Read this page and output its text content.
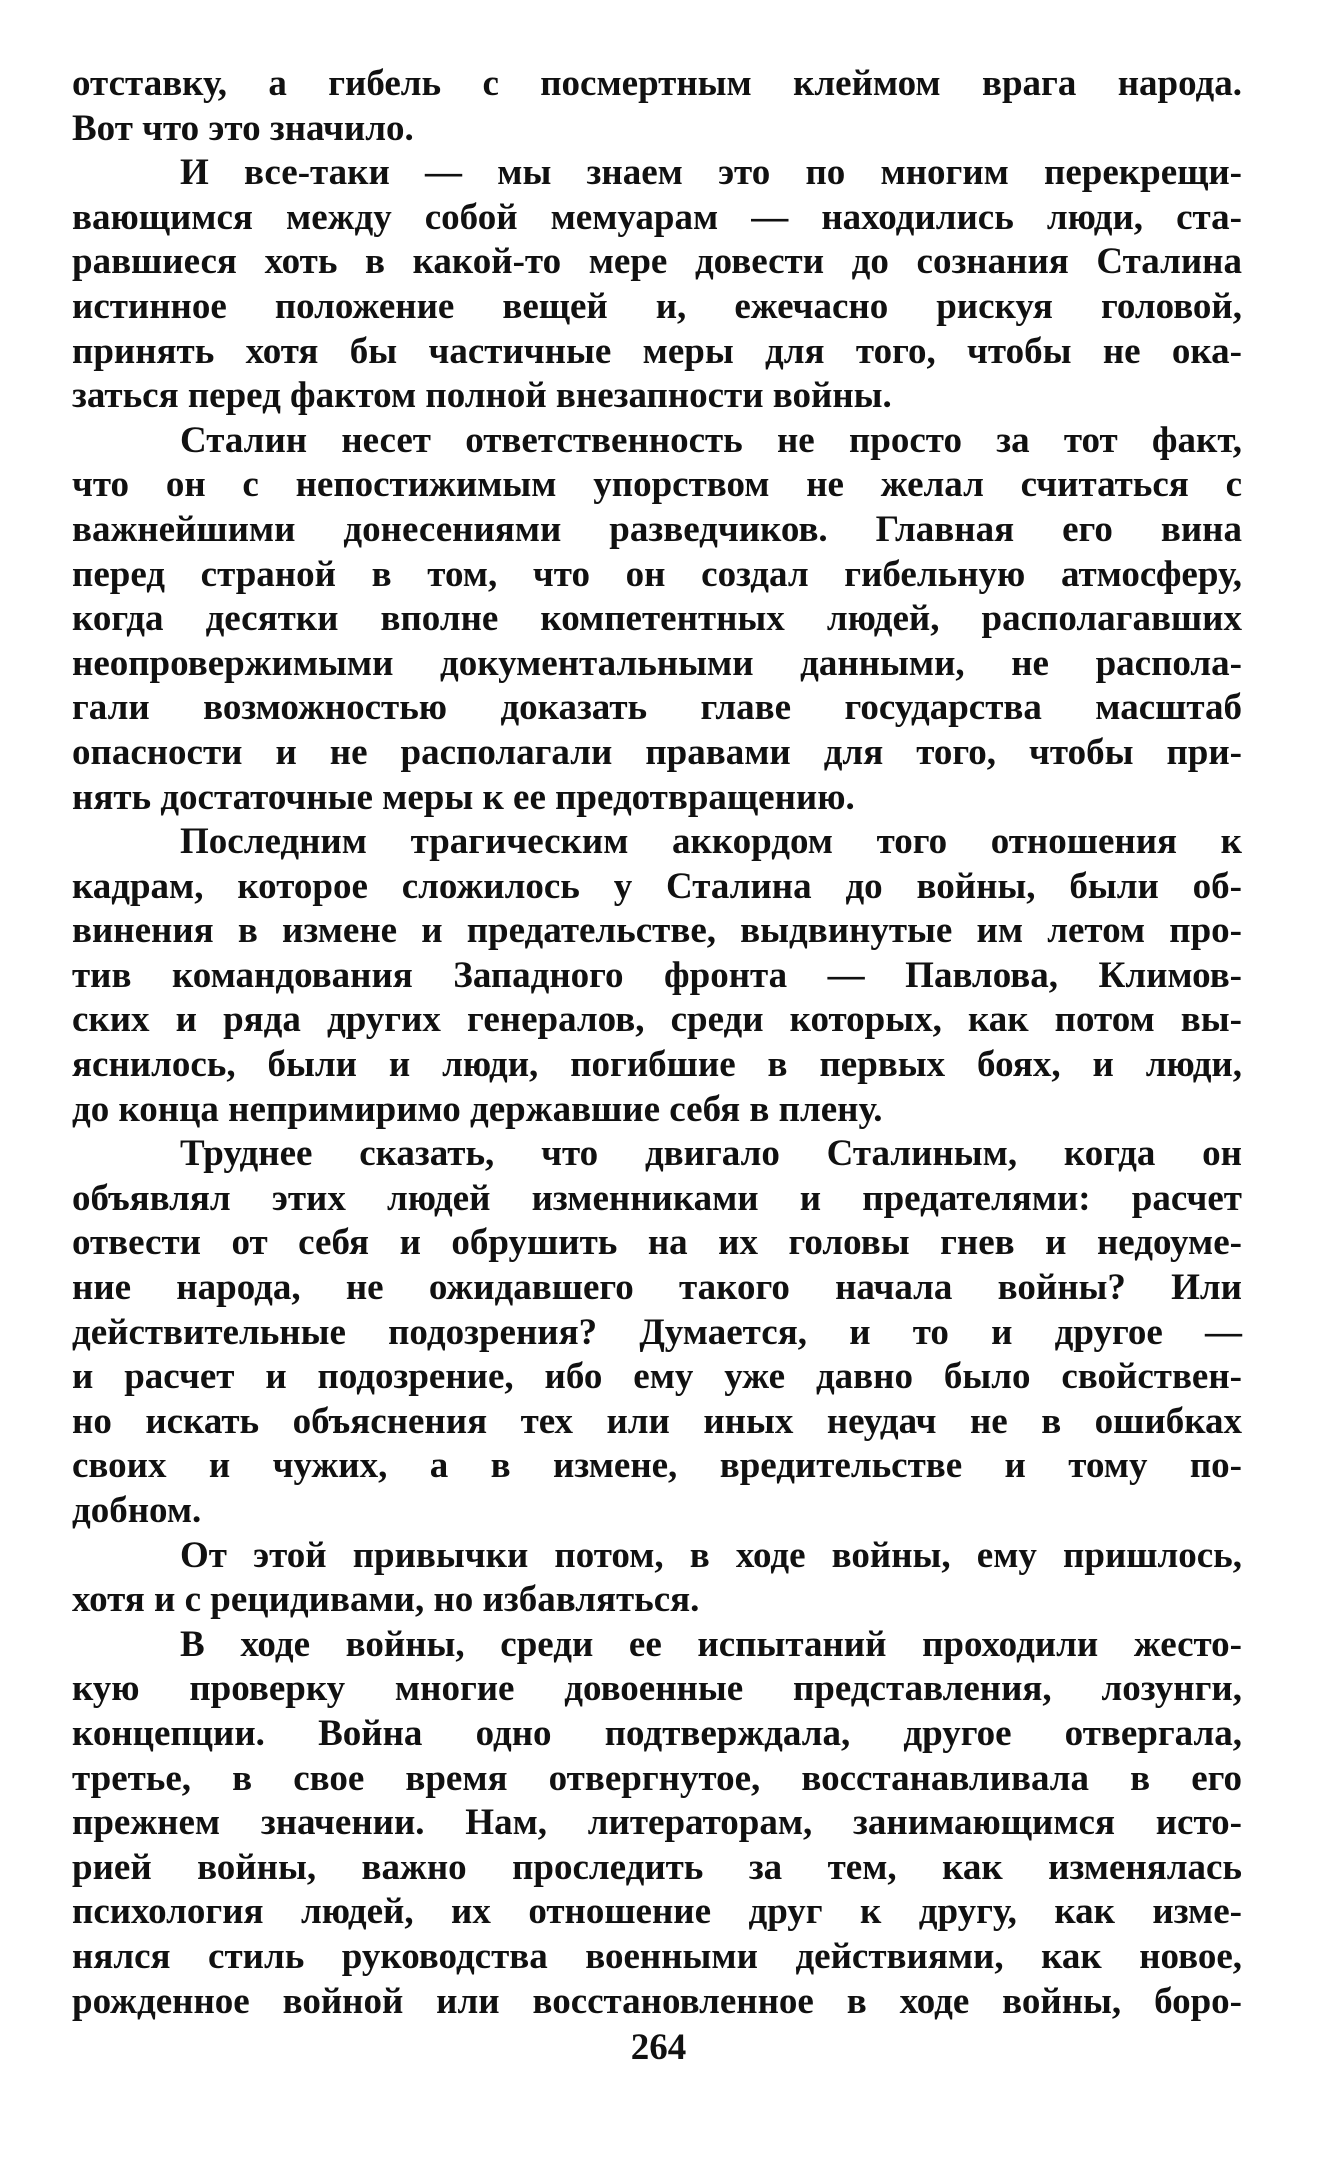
отставку, а гибель с посмертным клеймом врага народа.
Вот что это значило.
И все-таки — мы знаем это по многим перекрещи-
вающимся между собой мемуарам — находились люди, ста-
равшиеся хоть в какой-то мере довести до сознания Сталина
истинное положение вещей и, ежечасно рискуя головой,
принять хотя бы частичные меры для того, чтобы не ока-
заться перед фактом полной внезапности войны.
Сталин несет ответственность не просто за тот факт,
что он с непостижимым упорством не желал считаться с
важнейшими донесениями разведчиков. Главная его вина
перед страной в том, что он создал гибельную атмосферу,
когда десятки вполне компетентных людей, располагавших
неопровержимыми документальными данными, не распола-
гали возможностью доказать главе государства масштаб
опасности и не располагали правами для того, чтобы при-
нять достаточные меры к ее предотвращению.
Последним трагическим аккордом того отношения к
кадрам, которое сложилось у Сталина до войны, были об-
винения в измене и предательстве, выдвинутые им летом про-
тив командования Западного фронта — Павлова, Климов-
ских и ряда других генералов, среди которых, как потом вы-
яснилось, были и люди, погибшие в первых боях, и люди,
до конца непримиримо державшие себя в плену.
Труднее сказать, что двигало Сталиным, когда он
объявлял этих людей изменниками и предателями: расчет
отвести от себя и обрушить на их головы гнев и недоуме-
ние народа, не ожидавшего такого начала войны? Или
действительные подозрения? Думается, и то и другое —
и расчет и подозрение, ибо ему уже давно было свойствен-
но искать объяснения тех или иных неудач не в ошибках
своих и чужих, а в измене, вредительстве и тому по-
добном.
От этой привычки потом, в ходе войны, ему пришлось,
хотя и с рецидивами, но избавляться.
В ходе войны, среди ее испытаний проходили жесто-
кую проверку многие довоенные представления, лозунги,
концепции. Война одно подтверждала, другое отвергала,
третье, в свое время отвергнутое, восстанавливала в его
прежнем значении. Нам, литераторам, занимающимся исто-
рией войны, важно проследить за тем, как изменялась
психология людей, их отношение друг к другу, как изме-
нялся стиль руководства военными действиями, как новое,
рожденное войной или восстановленное в ходе войны, боро-
264
